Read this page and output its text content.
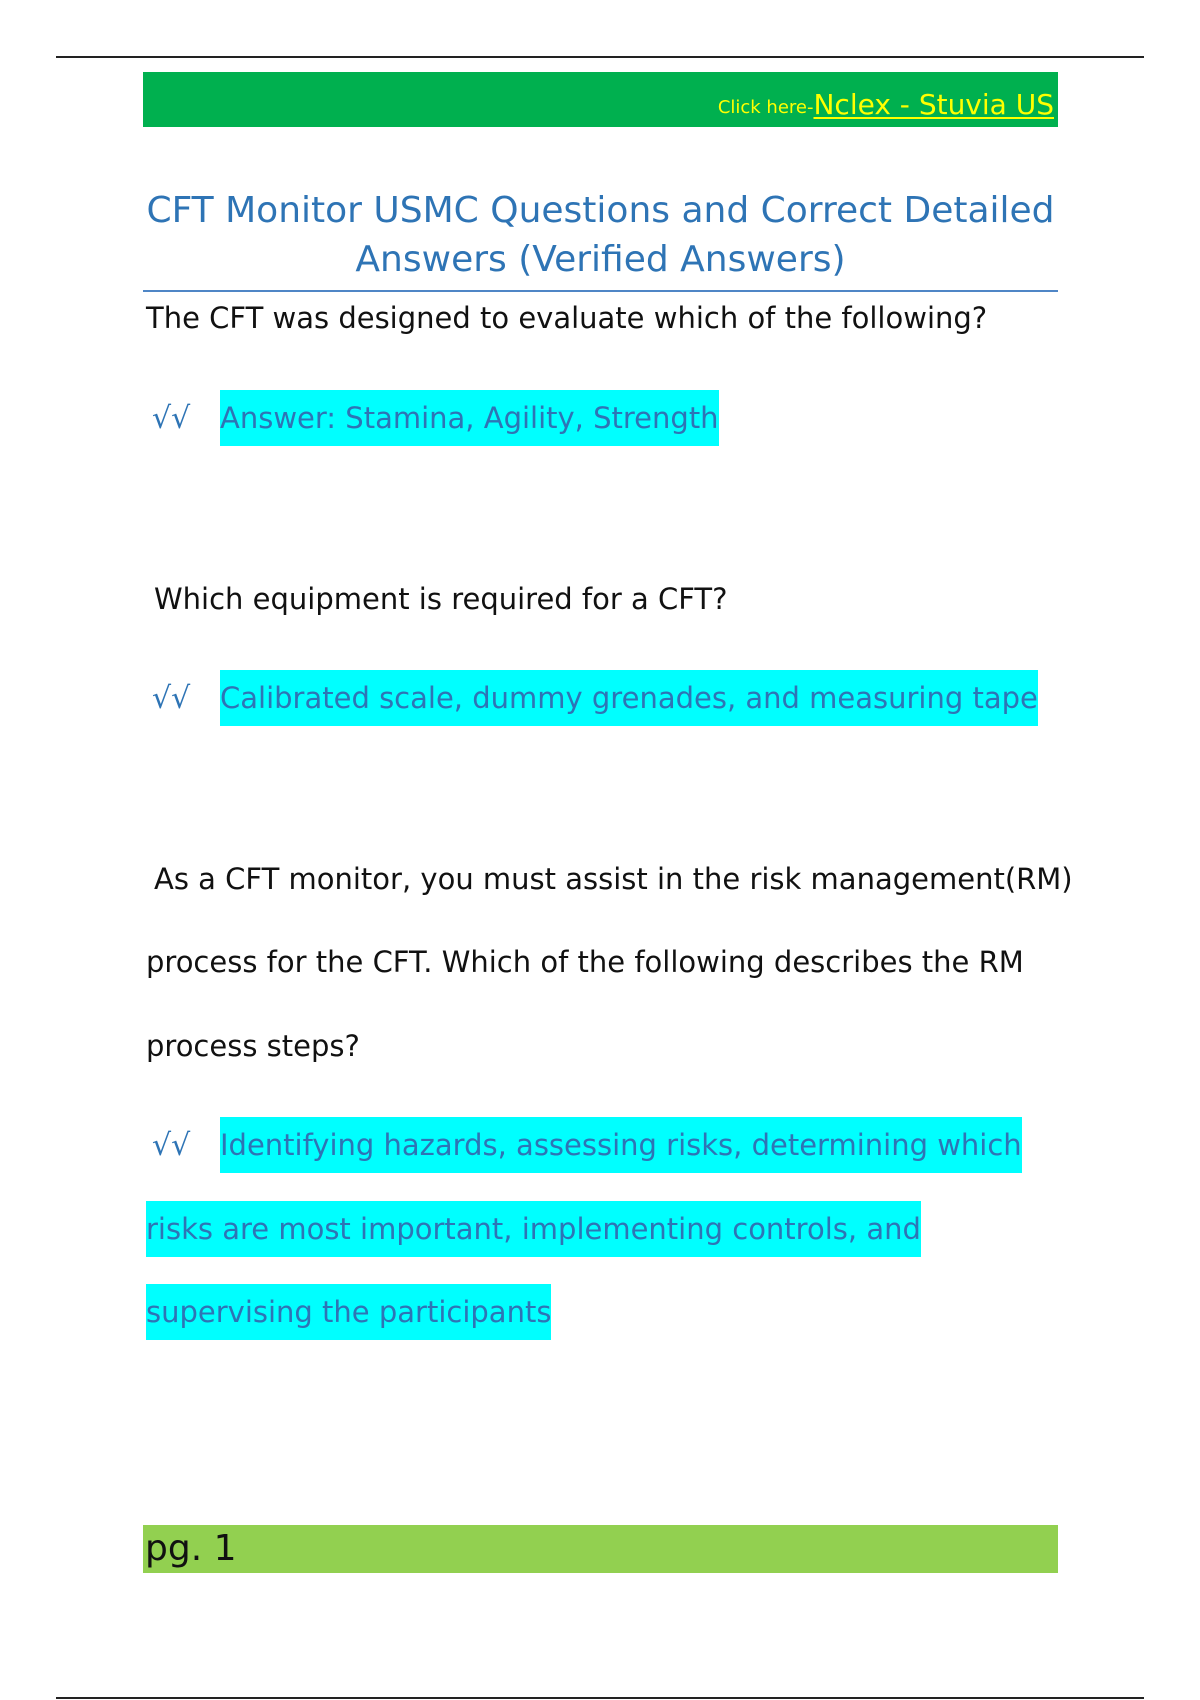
Click here- Nclex - Stuvia US
CFT Monitor USMC Questions and Correct Detailed
Answers (Verified Answers)
The CFT was designed to evaluate which of the following?
√√ Answer: Stamina, Agility, Strength
Which equipment is required for a CFT?
√√ Calibrated scale, dummy grenades, and measuring tape
As a CFT monitor, you must assist in the risk management(RM)
process for the CFT. Which of the following describes the RM
process steps?
√√ Identifying hazards, assessing risks, determining which
risks are most important, implementing controls, and
supervising the participants
pg. 1
